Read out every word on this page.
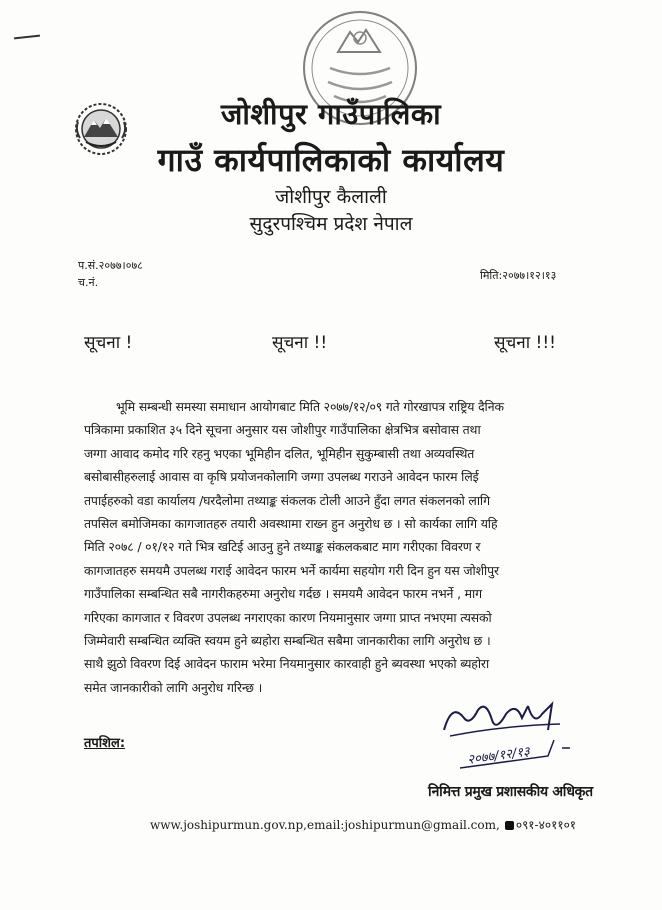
जोशीपुर गाउँपालिका
गाउँ कार्यपालिकाको कार्यालय
जोशीपुर कैलाली
सुदुरपश्चिम प्रदेश नेपाल
प.सं.२०७७।०७८
च.नं.
मिति:२०७७।१२।१३
सूचना !	सूचना !!	सूचना !!!
भूमि सम्बन्धी समस्या समाधान आयोगबाट मिति २०७७/१२/०९ गते गोरखापत्र राष्ट्रिय दैनिक
पत्रिकामा प्रकाशित ३५ दिने सूचना अनुसार यस जोशीपुर गाउँपालिका क्षेत्रभित्र बसोवास तथा
जग्गा आवाद कमोद गरि रहनु भएका भूमिहीन दलित, भूमिहीन सुकुम्बासी तथा अव्यवस्थित
बसोबासीहरुलाई आवास वा कृषि प्रयोजनकोलागि जग्गा उपलब्ध गराउने आवेदन फारम लिई
तपाईहरुको वडा कार्यालय /घरदैलोमा तथ्याङ्क संकलक टोली आउने हुँदा लगत संकलनको लागि
तपसिल बमोजिमका कागजातहरु तयारी अवस्थामा राख्न हुन अनुरोध छ । सो कार्यका लागि यहि
मिति २०७८ / ०१/१२ गते भित्र खटिई आउनु हुने तथ्याङ्क संकलकबाट माग गरीएका विवरण र
कागजातहरु समयमै उपलब्ध गराई आवेदन फारम भर्ने कार्यमा सहयोग गरी दिन हुन यस जोशीपुर
गाउँपालिका सम्बन्धित सबै नागरीकहरुमा अनुरोध गर्दछ । समयमै आवेदन फारम नभर्ने , माग
गरिएका कागजात र विवरण उपलब्ध नगराएका कारण नियमानुसार जग्गा प्राप्त नभएमा त्यसको
जिम्मेवारी सम्बन्धित व्यक्ति स्वयम हुने ब्यहोरा सम्बन्धित सबैमा जानकारीका लागि अनुरोध छ ।
साथै झुठो विवरण दिई आवेदन फाराम भरेमा नियमानुसार कारवाही हुने ब्यवस्था भएको ब्यहोरा
समेत जानकारीको लागि अनुरोध गरिन्छ ।
तपशिल:
२०७७/१२/१३
निमित्त प्रमुख प्रशासकीय अधिकृत
www.joshipurmun.gov.np,email:joshipurmun@gmail.com, ०९१-४०११०१
